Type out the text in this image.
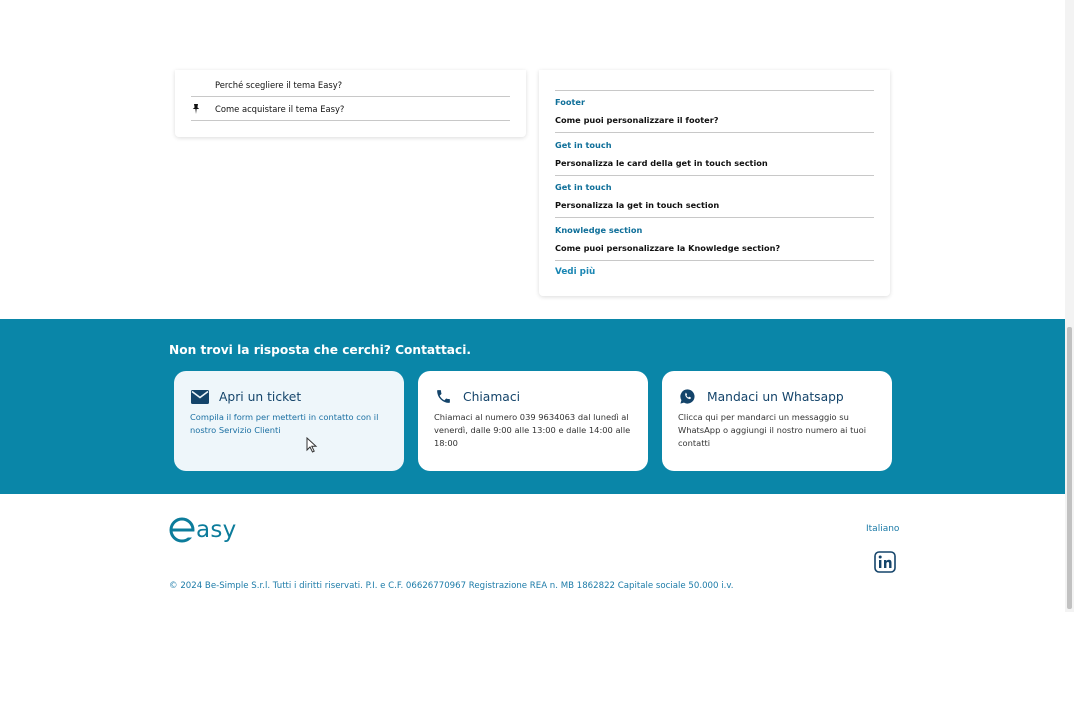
Perché scegliere il tema Easy?
Come acquistare il tema Easy?
Footer
Come puoi personalizzare il footer?
Get in touch
Personalizza le card della get in touch section
Get in touch
Personalizza la get in touch section
Knowledge section
Come puoi personalizzare la Knowledge section?
Vedi più
Non trovi la risposta che cerchi? Contattaci.
Apri un ticket
Compila il form per metterti in contatto con il nostro Servizio Clienti
Chiamaci
Chiamaci al numero 039 9634063 dal lunedì al venerdì, dalle 9:00 alle 13:00 e dalle 14:00 alle 18:00
Mandaci un Whatsapp
Clicca qui per mandarci un messaggio su WhatsApp o aggiungi il nostro numero ai tuoi contatti
asy	Italiano

© 2024 Be-Simple S.r.l. Tutti i diritti riservati. P.I. e C.F. 06626770967 Registrazione REA n. MB 1862822 Capitale sociale 50.000 i.v.
